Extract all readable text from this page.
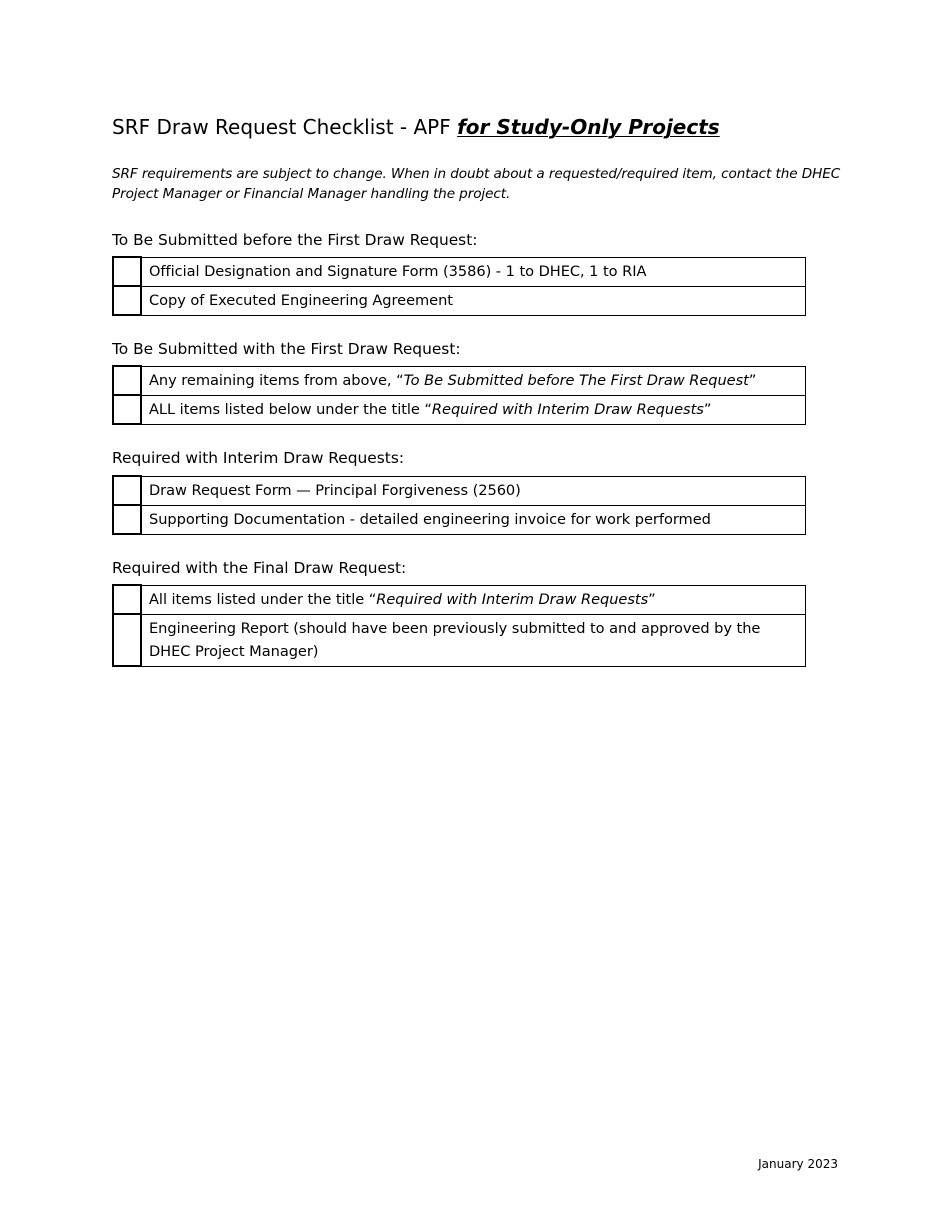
SRF Draw Request Checklist - APF for Study-Only Projects

SRF requirements are subject to change. When in doubt about a requested/required item, contact the DHEC Project Manager or Financial Manager handling the project.

To Be Submitted before the First Draw Request:
	Official Designation and Signature Form (3586) - 1 to DHEC, 1 to RIA

	Copy of Executed Engineering Agreement
To Be Submitted with the First Draw Request:
	Any remaining items from above, “To Be Submitted before The First Draw Request”

	ALL items listed below under the title “Required with Interim Draw Requests”
Required with Interim Draw Requests:
	Draw Request Form — Principal Forgiveness (2560)

	Supporting Documentation - detailed engineering invoice for work performed
Required with the Final Draw Request:
	All items listed under the title “Required with Interim Draw Requests”

	Engineering Report (should have been previously submitted to and approved by the DHEC Project Manager)

January 2023
